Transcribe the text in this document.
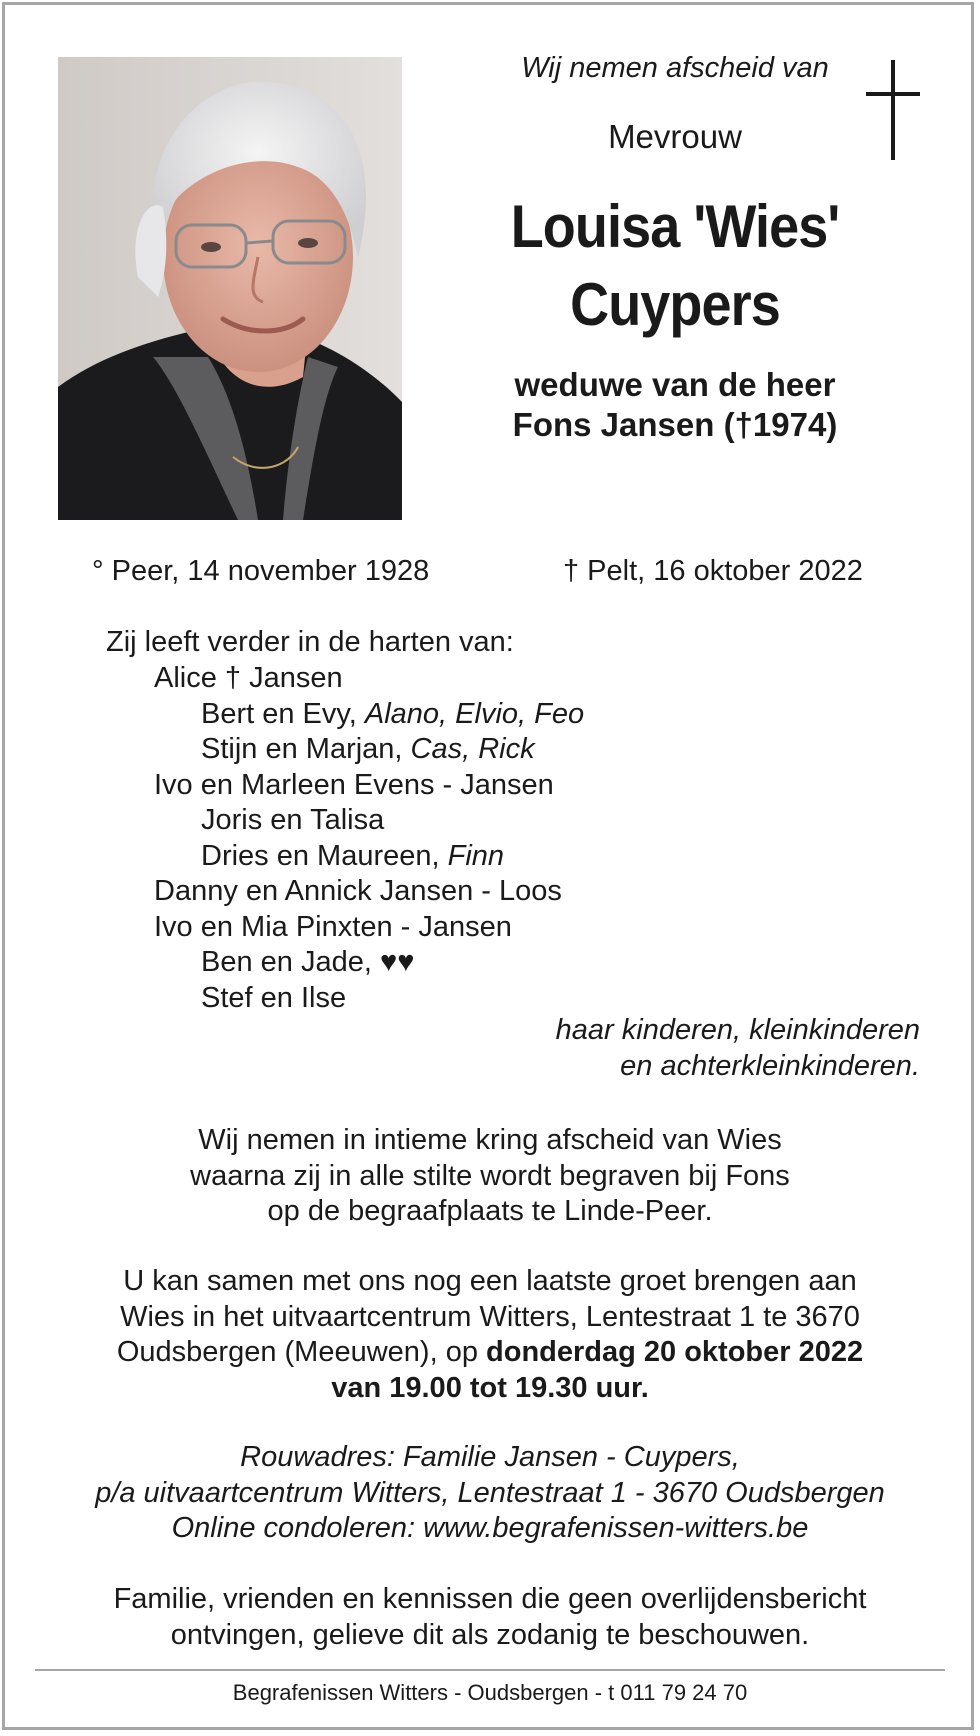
Wij nemen afscheid van
Mevrouw
Louisa 'Wies'
Cuypers
weduwe van de heer
Fons Jansen (†1974)
° Peer, 14 november 1928	† Pelt, 16 oktober 2022
Zij leeft verder in de harten van:
Alice † Jansen
Bert en Evy, Alano, Elvio, Feo
Stijn en Marjan, Cas, Rick
Ivo en Marleen Evens - Jansen
Joris en Talisa
Dries en Maureen, Finn
Danny en Annick Jansen - Loos
Ivo en Mia Pinxten - Jansen
Ben en Jade, ♥♥
Stef en Ilse
haar kinderen, kleinkinderen
en achterkleinkinderen.
Wij nemen in intieme kring afscheid van Wies
waarna zij in alle stilte wordt begraven bij Fons
op de begraafplaats te Linde-Peer.
U kan samen met ons nog een laatste groet brengen aan
Wies in het uitvaartcentrum Witters, Lentestraat 1 te 3670
Oudsbergen (Meeuwen), op donderdag 20 oktober 2022
van 19.00 tot 19.30 uur.
Rouwadres: Familie Jansen - Cuypers,
p/a uitvaartcentrum Witters, Lentestraat 1 - 3670 Oudsbergen
Online condoleren: www.begrafenissen-witters.be
Familie, vrienden en kennissen die geen overlijdensbericht
ontvingen, gelieve dit als zodanig te beschouwen.
Begrafenissen Witters - Oudsbergen - t 011 79 24 70
